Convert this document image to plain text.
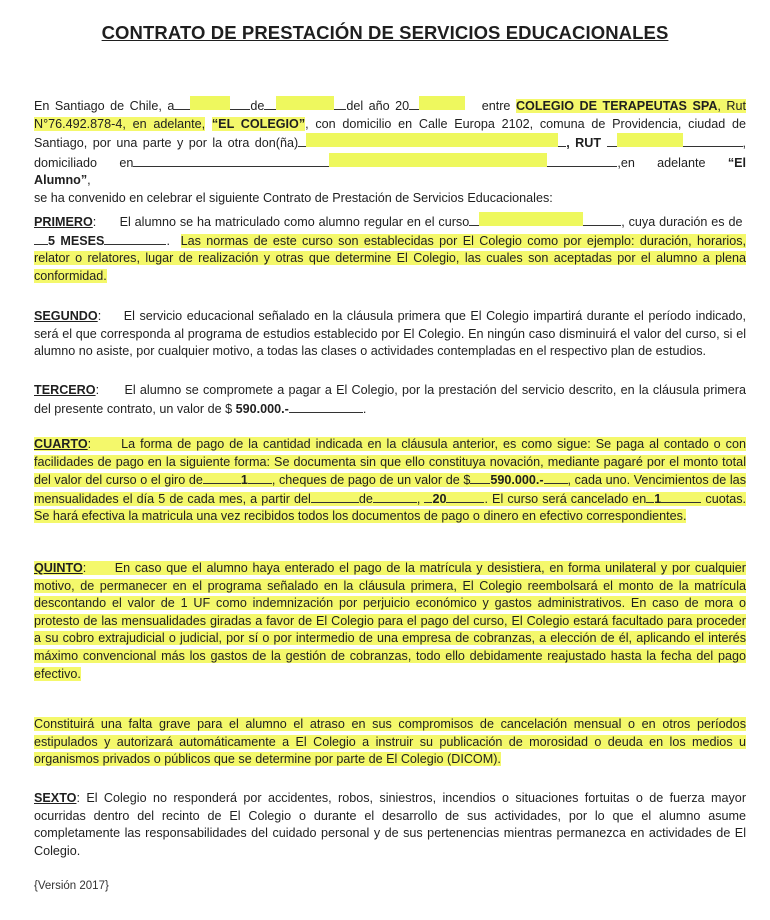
CONTRATO DE PRESTACIÓN DE SERVICIOS EDUCACIONALES
En Santiago de Chile, a	de	del año 20	entre COLEGIO DE TERAPEUTAS SPA, Rut N°76.492.878-4, en adelante, “EL COLEGIO”, con domicilio en Calle Europa 2102, comuna de Providencia, ciudad de Santiago, por una parte y por la otra don(ña)	, RUT	, domiciliado en	,en adelante “El Alumno”,
se ha convenido en celebrar el siguiente Contrato de Prestación de Servicios Educacionales:
PRIMERO: El alumno se ha matriculado como alumno regular en el curso	, cuya duración es de 5 MESES	.  Las normas de este curso son establecidas por El Colegio como por ejemplo: duración, horarios, relator o relatores, lugar de realización y otras que determine El Colegio, las cuales son aceptadas por el alumno a plena conformidad.
SEGUNDO: El servicio educacional señalado en la cláusula primera que El Colegio impartirá durante el período indicado, será el que corresponda al programa de estudios establecido por El Colegio. En ningún caso disminuirá el valor del curso, si el alumno no asiste, por cualquier motivo, a todas las clases o actividades contempladas en el respectivo plan de estudios.
TERCERO: El alumno se compromete a pagar a El Colegio, por la prestación del servicio descrito, en la cláusula primera del presente contrato, un valor de $ 590.000.-	.
CUARTO:      La forma de pago de la cantidad indicada en la cláusula anterior, es como sigue: Se paga al contado o con facilidades de pago en la siguiente forma: Se documenta sin que ello constituya novación, mediante pagaré por el monto total del valor del curso o el giro de	1 , cheques de pago de un valor de $ 590.000.- , cada uno. Vencimientos de las mensualidades el día 5 de cada mes, a partir del	de	, 20	. El curso será cancelado en 1	cuotas. Se hará efectiva la matricula una vez recibidos todos los documentos de pago o dinero en efectivo correspondientes.
QUINTO:      En caso que el alumno haya enterado el pago de la matrícula y desistiera, en forma unilateral y por cualquier motivo, de permanecer en el programa señalado en la cláusula primera, El Colegio reembolsará el monto de la matrícula descontando el valor de 1 UF como indemnización por perjuicio económico y gastos administrativos. En caso de mora o protesto de las mensualidades giradas a favor de El Colegio para el pago del curso, El Colegio estará facultado para proceder a su cobro extrajudicial o judicial, por sí o por intermedio de una empresa de cobranzas, a elección de él, aplicando el interés máximo convencional más los gastos de la gestión de cobranzas, todo ello debidamente reajustado hasta la fecha del pago efectivo.
Constituirá una falta grave para el alumno el atraso en sus compromisos de cancelación mensual o en otros períodos estipulados y autorizará automáticamente a El Colegio a instruir su publicación de morosidad o deuda en los medios u organismos privados o públicos que se determine por parte de El Colegio (DICOM).
SEXTO: El Colegio no responderá por accidentes, robos, siniestros, incendios o situaciones fortuitas o de fuerza mayor ocurridas dentro del recinto de El Colegio o durante el desarrollo de sus actividades, por lo que el alumno asume completamente las responsabilidades del cuidado personal y de sus pertenencias mientras permanezca en actividades de El Colegio.
{Versión 2017}
